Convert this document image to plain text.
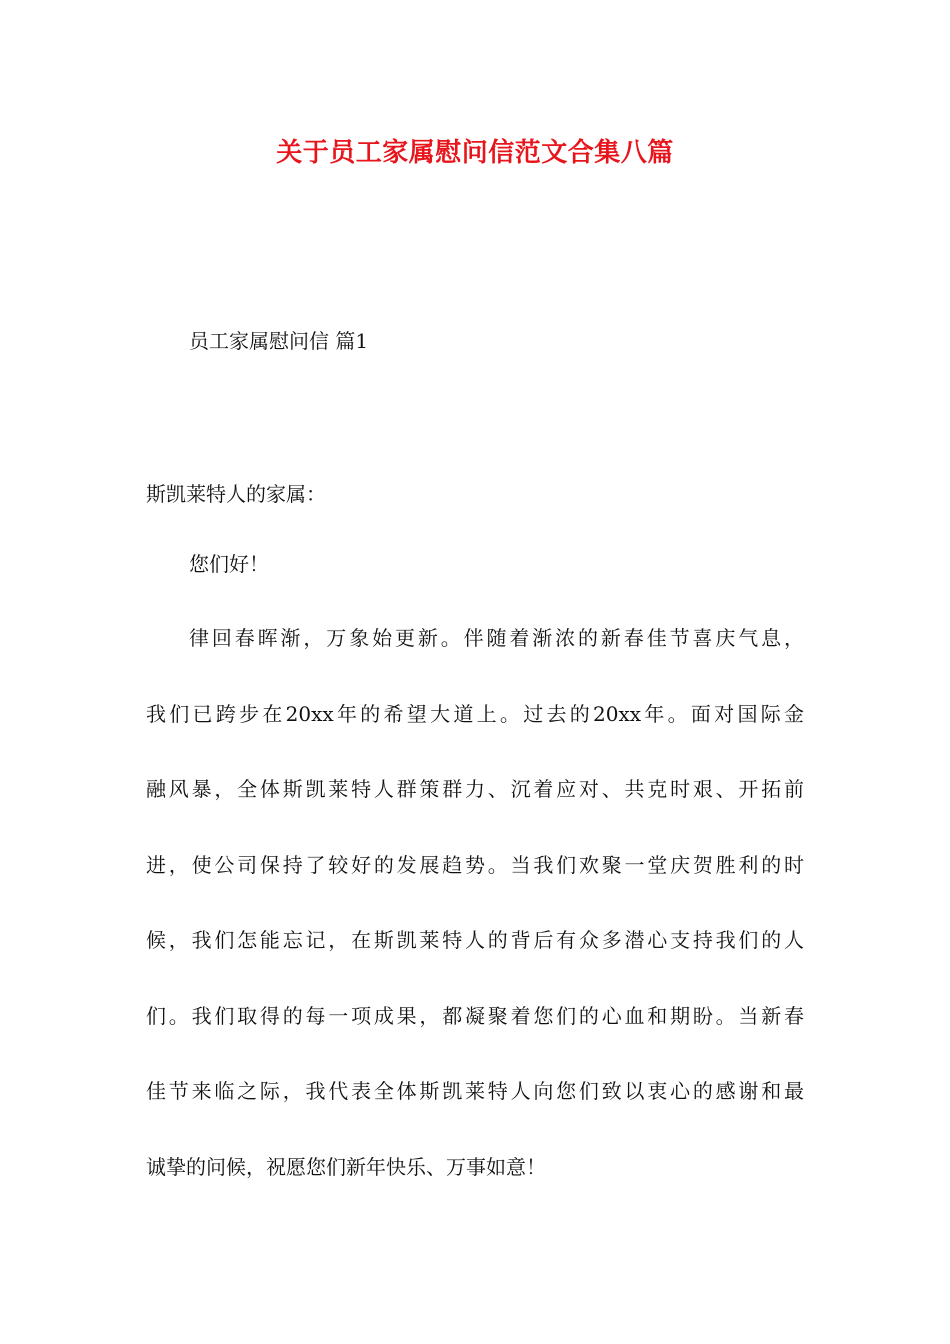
关于员工家属慰问信范文合集八篇

员工家属慰问信 篇1

斯凯莱特人的家属：

您们好！

律回春晖渐，万象始更新。伴随着渐浓的新春佳节喜庆气息，
我们已跨步在20xx年的希望大道上。过去的20xx年。面对国际金
融风暴，全体斯凯莱特人群策群力、沉着应对、共克时艰、开拓前
进，使公司保持了较好的发展趋势。当我们欢聚一堂庆贺胜利的时
候，我们怎能忘记，在斯凯莱特人的背后有众多潜心支持我们的人
们。我们取得的每一项成果，都凝聚着您们的心血和期盼。当新春
佳节来临之际，我代表全体斯凯莱特人向您们致以衷心的感谢和最
诚挚的问候，祝愿您们新年快乐、万事如意！
